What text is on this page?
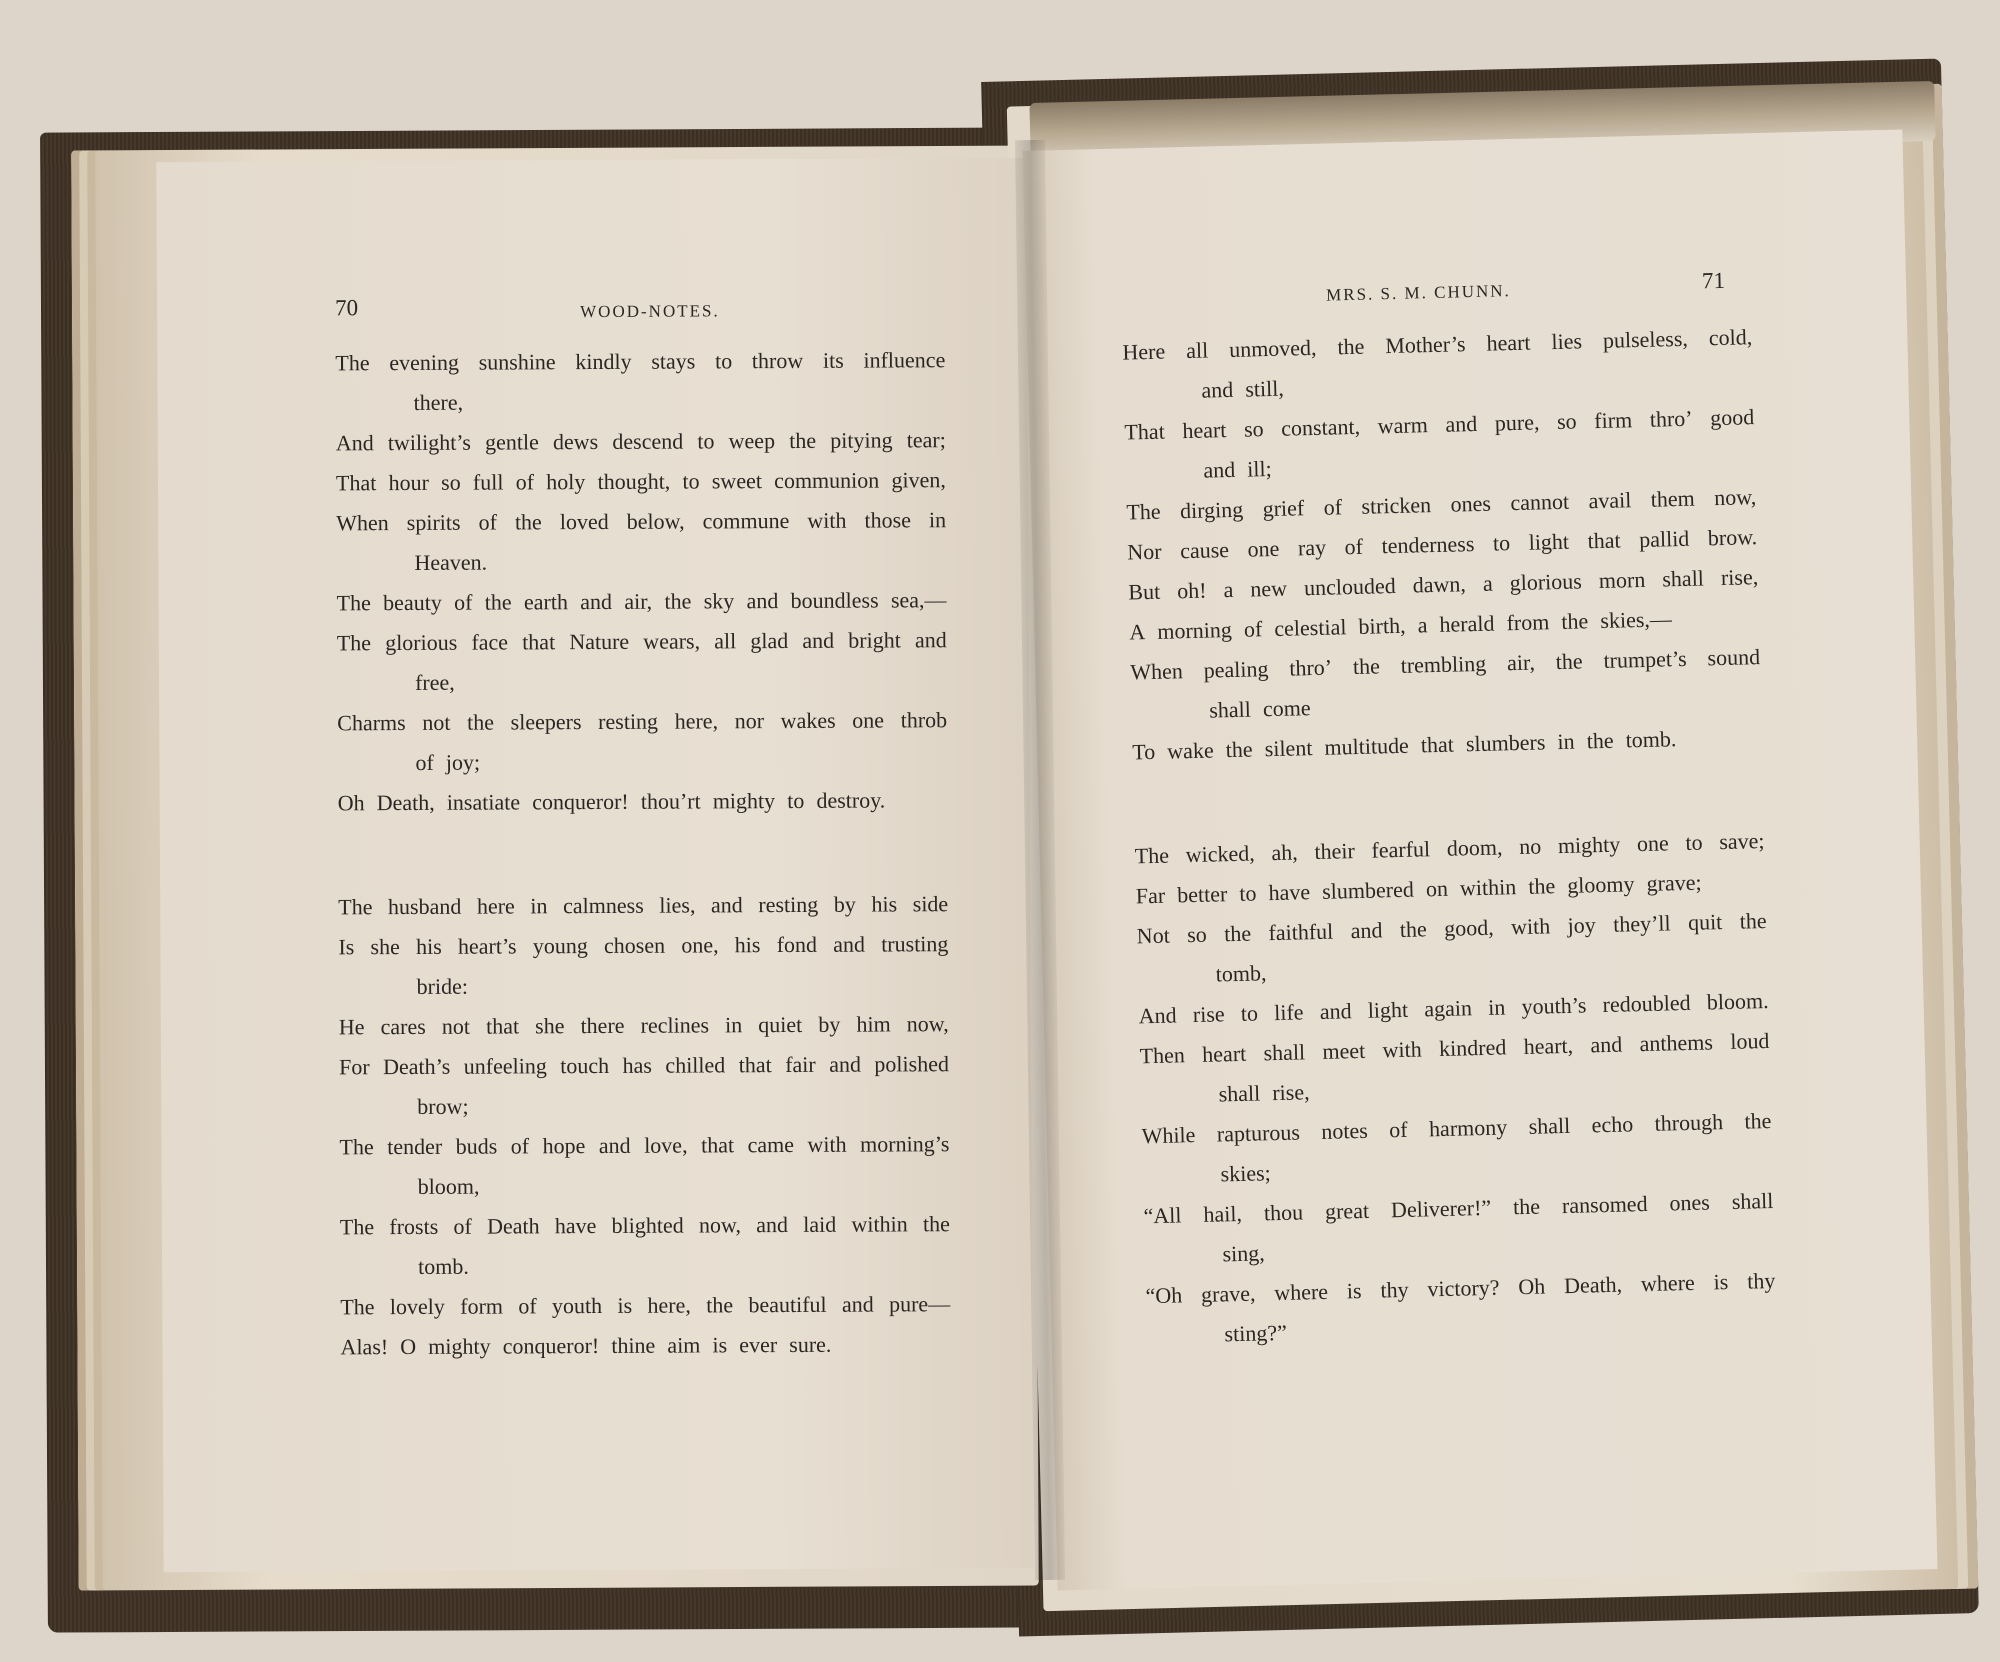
70	WOOD-NOTES.
The evening sunshine kindly stays to throw its influence
there,
And twilight’s gentle dews descend to weep the pitying tear;
That hour so full of holy thought, to sweet communion given,
When spirits of the loved below, commune with those in
Heaven.
The beauty of the earth and air, the sky and boundless sea,—
The glorious face that Nature wears, all glad and bright and
free,
Charms not the sleepers resting here, nor wakes one throb
of joy;
Oh Death, insatiate conqueror! thou’rt mighty to destroy.
The husband here in calmness lies, and resting by his side
Is she his heart’s young chosen one, his fond and trusting
bride:
He cares not that she there reclines in quiet by him now,
For Death’s unfeeling touch has chilled that fair and polished
brow;
The tender buds of hope and love, that came with morning’s
bloom,
The frosts of Death have blighted now, and laid within the
tomb.
The lovely form of youth is here, the beautiful and pure—
Alas! O mighty conqueror! thine aim is ever sure.
71
MRS. S. M. CHUNN.
Here all unmoved, the Mother’s heart lies pulseless, cold,
and still,
That heart so constant, warm and pure, so firm thro’ good
and ill;
The dirging grief of stricken ones cannot avail them now,
Nor cause one ray of tenderness to light that pallid brow.
But oh! a new unclouded dawn, a glorious morn shall rise,
A morning of celestial birth, a herald from the skies,—
When pealing thro’ the trembling air, the trumpet’s sound
shall come
To wake the silent multitude that slumbers in the tomb.
The wicked, ah, their fearful doom, no mighty one to save;
Far better to have slumbered on within the gloomy grave;
Not so the faithful and the good, with joy they’ll quit the
tomb,
And rise to life and light again in youth’s redoubled bloom.
Then heart shall meet with kindred heart, and anthems loud
shall rise,
While rapturous notes of harmony shall echo through the
skies;
“All hail, thou great Deliverer!” the ransomed ones shall
sing,
“Oh grave, where is thy victory? Oh Death, where is thy
sting?”
